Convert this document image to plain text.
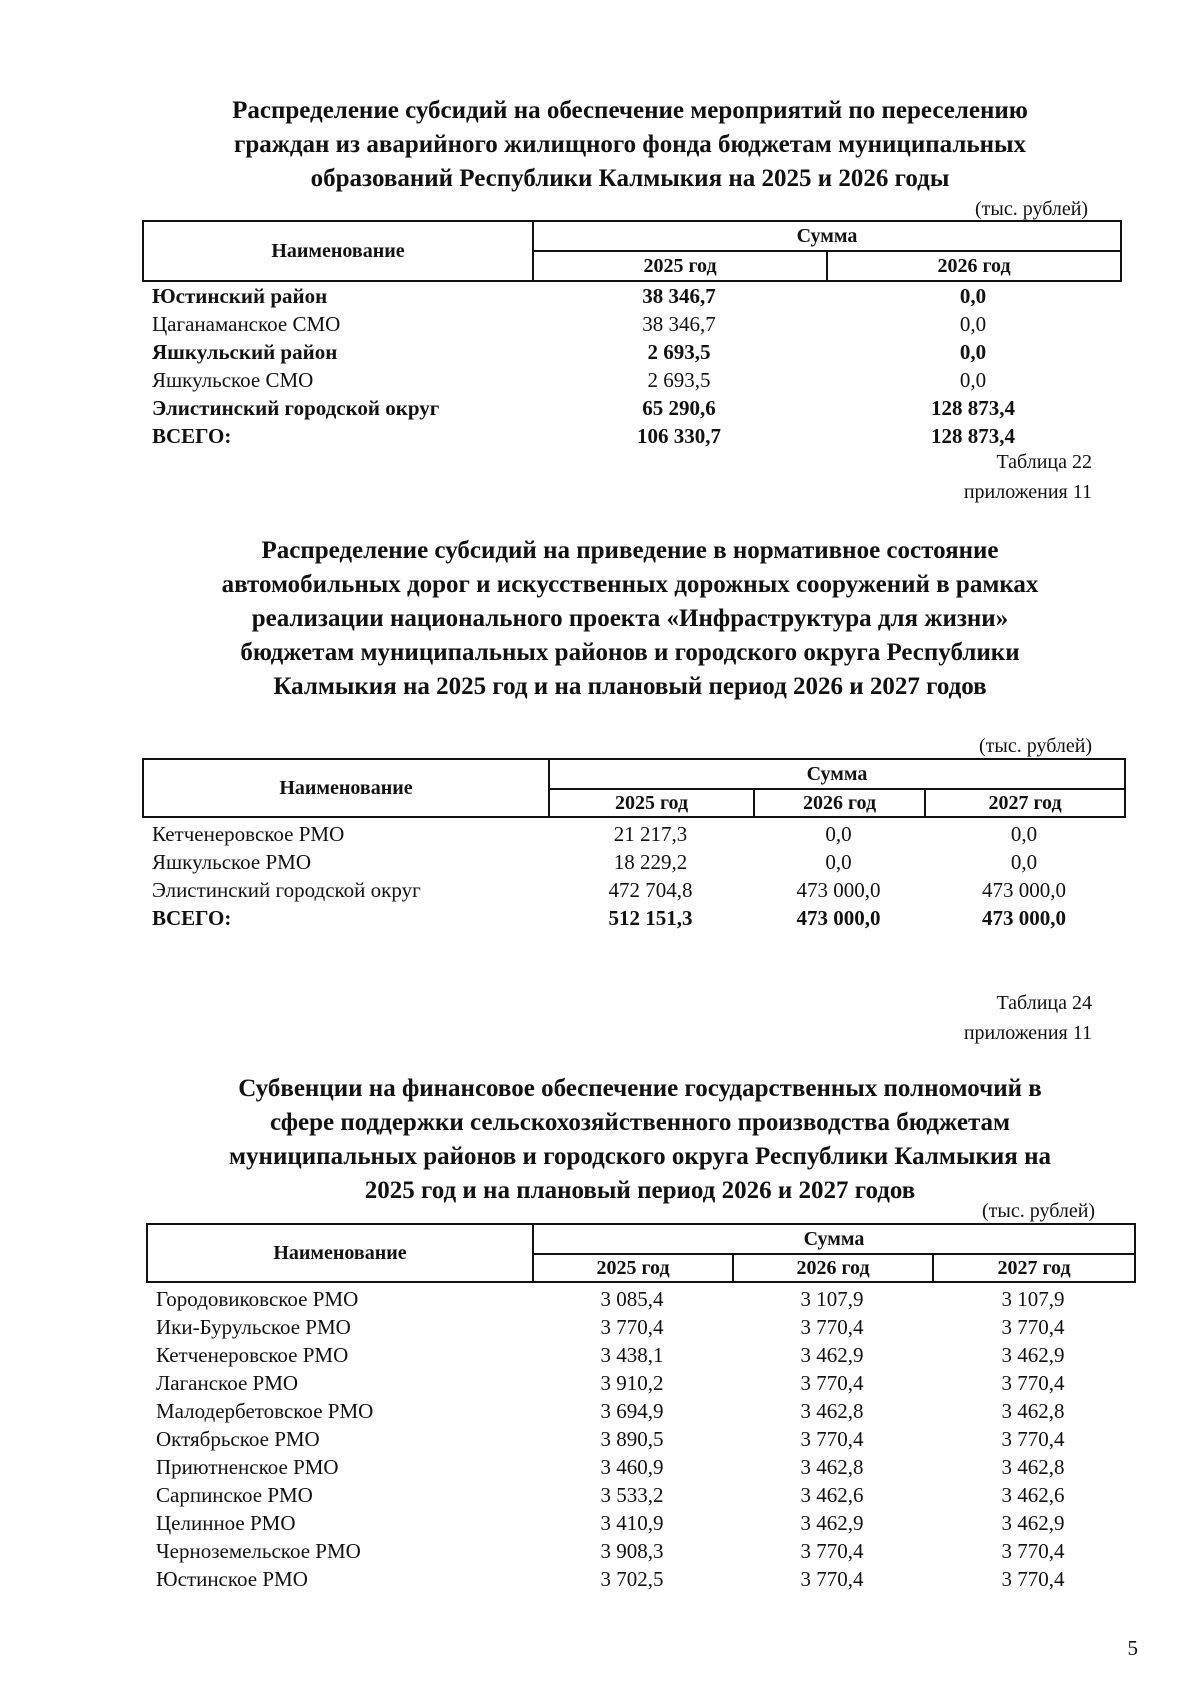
Распределение субсидий на обеспечение мероприятий по переселению
граждан из аварийного жилищного фонда бюджетам муниципальных
образований Республики Калмыкия на 2025 и 2026 годы
(тыс. рублей)
Наименование	Сумма	
	2025 год	2026 год
Юстинский район	38 346,7	0,0
Цаганаманское СМО	38 346,7	0,0
Яшкульский район	2 693,5	0,0
Яшкульское СМО	2 693,5	0,0
Элистинский городской округ	65 290,6	128 873,4
ВСЕГО:	106 330,7	128 873,4
Таблица 22
приложения 11
Распределение субсидий на приведение в нормативное состояние
автомобильных дорог и искусственных дорожных сооружений в рамках
реализации национального проекта «Инфраструктура для жизни»
бюджетам муниципальных районов и городского округа Республики
Калмыкия на 2025 год и на плановый период 2026 и 2027 годов
(тыс. рублей)
Наименование	Сумма		
	2025 год	2026 год	2027 год
Кетченеровское РМО	21 217,3	0,0	0,0
Яшкульское РМО	18 229,2	0,0	0,0
Элистинский городской округ	472 704,8	473 000,0	473 000,0
ВСЕГО:	512 151,3	473 000,0	473 000,0
Таблица 24
приложения 11
Субвенции на финансовое обеспечение государственных полномочий в
сфере поддержки сельскохозяйственного производства бюджетам
муниципальных районов и городского округа Республики Калмыкия на
2025 год и на плановый период 2026 и 2027 годов
(тыс. рублей)
Наименование	Сумма		
	2025 год	2026 год	2027 год
Городовиковское РМО	3 085,4	3 107,9	3 107,9
Ики-Бурульское РМО	3 770,4	3 770,4	3 770,4
Кетченеровское РМО	3 438,1	3 462,9	3 462,9
Лаганское РМО	3 910,2	3 770,4	3 770,4
Малодербетовское РМО	3 694,9	3 462,8	3 462,8
Октябрьское РМО	3 890,5	3 770,4	3 770,4
Приютненское РМО	3 460,9	3 462,8	3 462,8
Сарпинское РМО	3 533,2	3 462,6	3 462,6
Целинное РМО	3 410,9	3 462,9	3 462,9
Черноземельское РМО	3 908,3	3 770,4	3 770,4
Юстинское РМО	3 702,5	3 770,4	3 770,4
5
